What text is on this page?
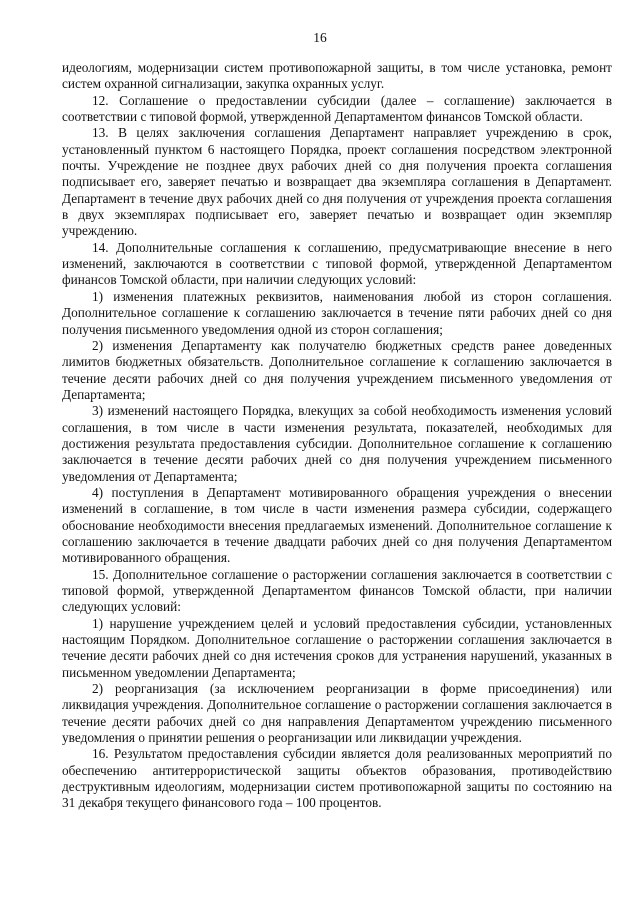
16

идеологиям, модернизации систем противопожарной защиты, в том числе установка, ремонт систем охранной сигнализации, закупка охранных услуг.

12. Соглашение о предоставлении субсидии (далее – соглашение) заключается в соответствии с типовой формой, утвержденной Департаментом финансов Томской области.

13. В целях заключения соглашения Департамент направляет учреждению в срок, установленный пунктом 6 настоящего Порядка, проект соглашения посредством электронной почты. Учреждение не позднее двух рабочих дней со дня получения проекта соглашения подписывает его, заверяет печатью и возвращает два экземпляра соглашения в Департамент. Департамент в течение двух рабочих дней со дня получения от учреждения проекта соглашения в двух экземплярах подписывает его, заверяет печатью и возвращает один экземпляр учреждению.

14. Дополнительные соглашения к соглашению, предусматривающие внесение в него изменений, заключаются в соответствии с типовой формой, утвержденной Департаментом финансов Томской области, при наличии следующих условий:

1) изменения платежных реквизитов, наименования любой из сторон соглашения. Дополнительное соглашение к соглашению заключается в течение пяти рабочих дней со дня получения письменного уведомления одной из сторон соглашения;

2) изменения Департаменту как получателю бюджетных средств ранее доведенных лимитов бюджетных обязательств. Дополнительное соглашение к соглашению заключается в течение десяти рабочих дней со дня получения учреждением письменного уведомления от Департамента;

3) изменений настоящего Порядка, влекущих за собой необходимость изменения условий соглашения, в том числе в части изменения результата, показателей, необходимых для достижения результата предоставления субсидии. Дополнительное соглашение к соглашению заключается в течение десяти рабочих дней со дня получения учреждением письменного уведомления от Департамента;

4) поступления в Департамент мотивированного обращения учреждения о внесении изменений в соглашение, в том числе в части изменения размера субсидии, содержащего обоснование необходимости внесения предлагаемых изменений. Дополнительное соглашение к соглашению заключается в течение двадцати рабочих дней со дня получения Департаментом мотивированного обращения.

15. Дополнительное соглашение о расторжении соглашения заключается в соответствии с типовой формой, утвержденной Департаментом финансов Томской области, при наличии следующих условий:

1) нарушение учреждением целей и условий предоставления субсидии, установленных настоящим Порядком. Дополнительное соглашение о расторжении соглашения заключается в течение десяти рабочих дней со дня истечения сроков для устранения нарушений, указанных в письменном уведомлении Департамента;

2) реорганизация (за исключением реорганизации в форме присоединения) или ликвидация учреждения. Дополнительное соглашение о расторжении соглашения заключается в течение десяти рабочих дней со дня направления Департаментом учреждению письменного уведомления о принятии решения о реорганизации или ликвидации учреждения.

16. Результатом предоставления субсидии является доля реализованных мероприятий по обеспечению антитеррористической защиты объектов образования, противодействию деструктивным идеологиям, модернизации систем противопожарной защиты по состоянию на 31 декабря текущего финансового года – 100 процентов.
